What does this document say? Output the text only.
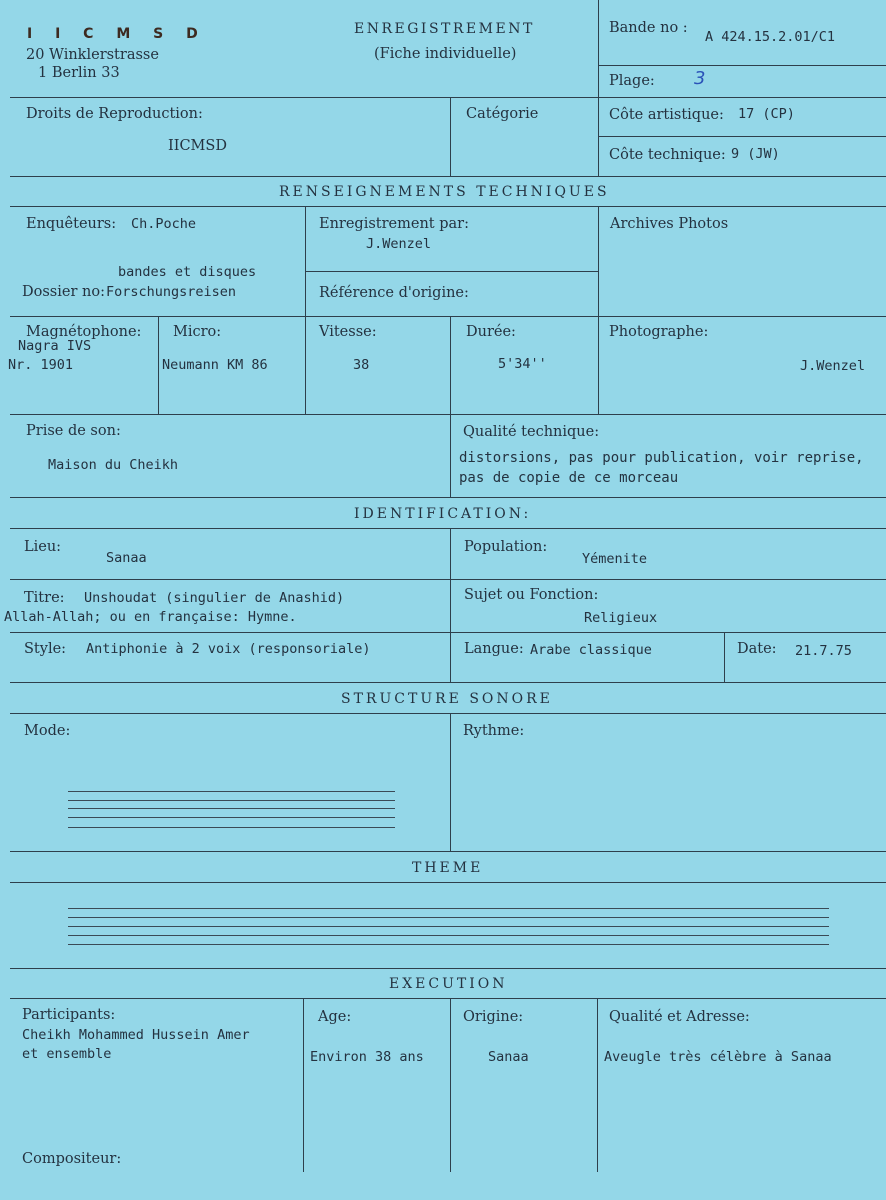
I I C M S D
20 Winklerstrasse
1 Berlin 33
ENREGISTREMENT
(Fiche individuelle)
Bande no :
A 424.15.2.01/C1
Plage: 3
Droits de Reproduction:
IICMSD
Catégorie	Côte artistique: 17 (CP)
Côte technique: 9 (JW)
RENSEIGNEMENTS TECHNIQUES
Enquêteurs: Ch.Poche
bandes et disques
Dossier no: Forschungsreisen
Enregistrement par:
J.Wenzel
Référence d'origine:
Archives Photos
Magnétophone:
Nagra IVS
Nr. 1901
Micro:
Neumann KM 86
Vitesse:
38
Durée:
5'34''
Photographe:
J.Wenzel
Prise de son:
Maison du Cheikh
Qualité technique:
distorsions, pas pour publication, voir reprise,
pas de copie de ce morceau
IDENTIFICATION:
Lieu:
Sanaa
Population:
Yémenite
Titre: Unshoudat (singulier de Anashid)
Allah-Allah; ou en française: Hymne.
Sujet ou Fonction:
Religieux
Style: Antiphonie à 2 voix (responsoriale)	Langue: Arabe classique	Date: 21.7.75
STRUCTURE SONORE
Mode:	Rythme:
THEME
EXECUTION
Participants:
Cheikh Mohammed Hussein Amer
et ensemble
Compositeur:
Age:
Environ 38 ans
Origine:
Sanaa
Qualité et Adresse:
Aveugle très célèbre à Sanaa
